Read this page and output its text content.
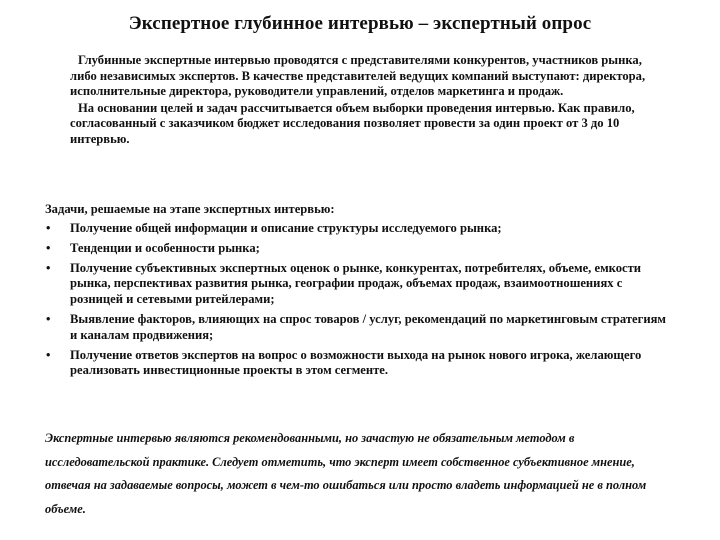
Экспертное глубинное интервью – экспертный опрос

Глубинные экспертные интервью проводятся с представителями конкурентов, участников рынка, либо независимых экспертов. В качестве представителей ведущих компаний выступают: директора, исполнительные директора, руководители управлений, отделов маркетинга и продаж.

На основании целей и задач рассчитывается объем выборки проведения интервью. Как правило, согласованный с заказчиком бюджет исследования позволяет провести за один проект от 3 до 10 интервью.

Задачи, решаемые на этапе экспертных интервью:

•	Получение общей информации и описание структуры исследуемого рынка;
•	Тенденции и особенности рынка;
•	Получение субъективных экспертных оценок о рынке, конкурентах, потребителях, объеме, емкости рынка, перспективах развития рынка, географии продаж, объемах продаж, взаимоотношениях с розницей и сетевыми ритейлерами;
•	Выявление факторов, влияющих на спрос товаров / услуг, рекомендаций по маркетинговым стратегиям и каналам продвижения;
•	Получение ответов экспертов на вопрос о возможности выхода на рынок нового игрока, желающего реализовать инвестиционные проекты в этом сегменте.
Экспертные интервью являются рекомендованными, но зачастую не обязательным методом в исследовательской практике. Следует отметить, что эксперт имеет собственное субъективное мнение, отвечая на задаваемые вопросы, может в чем-то ошибаться или просто владеть информацией не в полном объеме.
